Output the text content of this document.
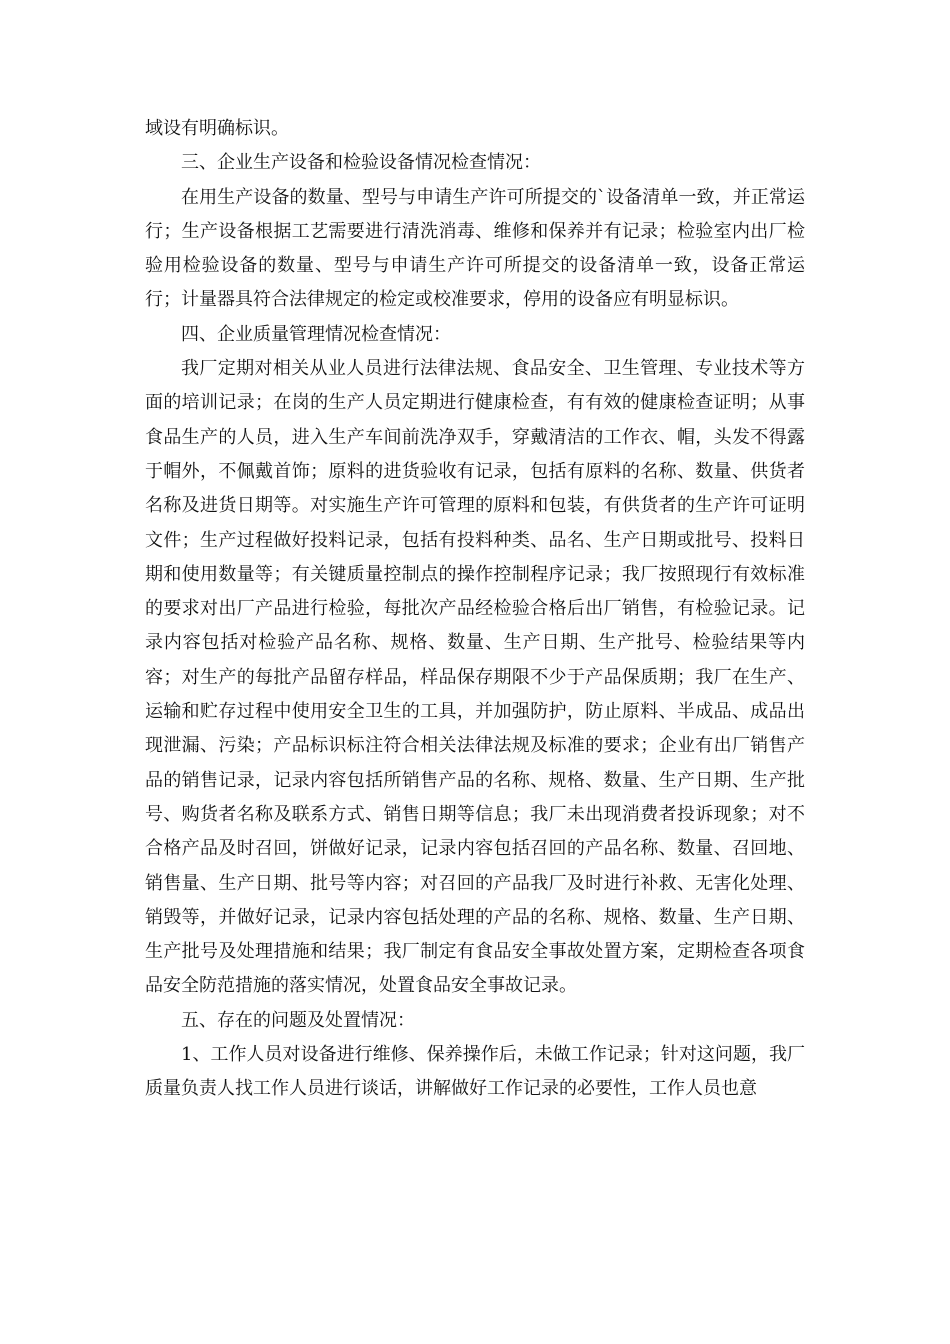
域设有明确标识。

三、企业生产设备和检验设备情况检查情况：

在用生产设备的数量、型号与申请生产许可所提交的`设备清单一致，并正常运行；生产设备根据工艺需要进行清洗消毒、维修和保养并有记录；检验室内出厂检验用检验设备的数量、型号与申请生产许可所提交的设备清单一致，设备正常运行；计量器具符合法律规定的检定或校准要求，停用的设备应有明显标识。

四、企业质量管理情况检查情况：

我厂定期对相关从业人员进行法律法规、食品安全、卫生管理、专业技术等方面的培训记录；在岗的生产人员定期进行健康检查，有有效的健康检查证明；从事食品生产的人员，进入生产车间前洗净双手，穿戴清洁的工作衣、帽，头发不得露于帽外，不佩戴首饰；原料的进货验收有记录，包括有原料的名称、数量、供货者名称及进货日期等。对实施生产许可管理的原料和包装，有供货者的生产许可证明文件；生产过程做好投料记录，包括有投料种类、品名、生产日期或批号、投料日期和使用数量等；有关键质量控制点的操作控制程序记录；我厂按照现行有效标准的要求对出厂产品进行检验，每批次产品经检验合格后出厂销售，有检验记录。记录内容包括对检验产品名称、规格、数量、生产日期、生产批号、检验结果等内容；对生产的每批产品留存样品，样品保存期限不少于产品保质期；我厂在生产、运输和贮存过程中使用安全卫生的工具，并加强防护，防止原料、半成品、成品出现泄漏、污染；产品标识标注符合相关法律法规及标准的要求；企业有出厂销售产品的销售记录，记录内容包括所销售产品的名称、规格、数量、生产日期、生产批号、购货者名称及联系方式、销售日期等信息；我厂未出现消费者投诉现象；对不合格产品及时召回，饼做好记录，记录内容包括召回的产品名称、数量、召回地、销售量、生产日期、批号等内容；对召回的产品我厂及时进行补救、无害化处理、销毁等，并做好记录，记录内容包括处理的产品的名称、规格、数量、生产日期、生产批号及处理措施和结果；我厂制定有食品安全事故处置方案，定期检查各项食品安全防范措施的落实情况，处置食品安全事故记录。

五、存在的问题及处置情况：

1、工作人员对设备进行维修、保养操作后，未做工作记录；针对这问题，我厂质量负责人找工作人员进行谈话，讲解做好工作记录的必要性，工作人员也意
